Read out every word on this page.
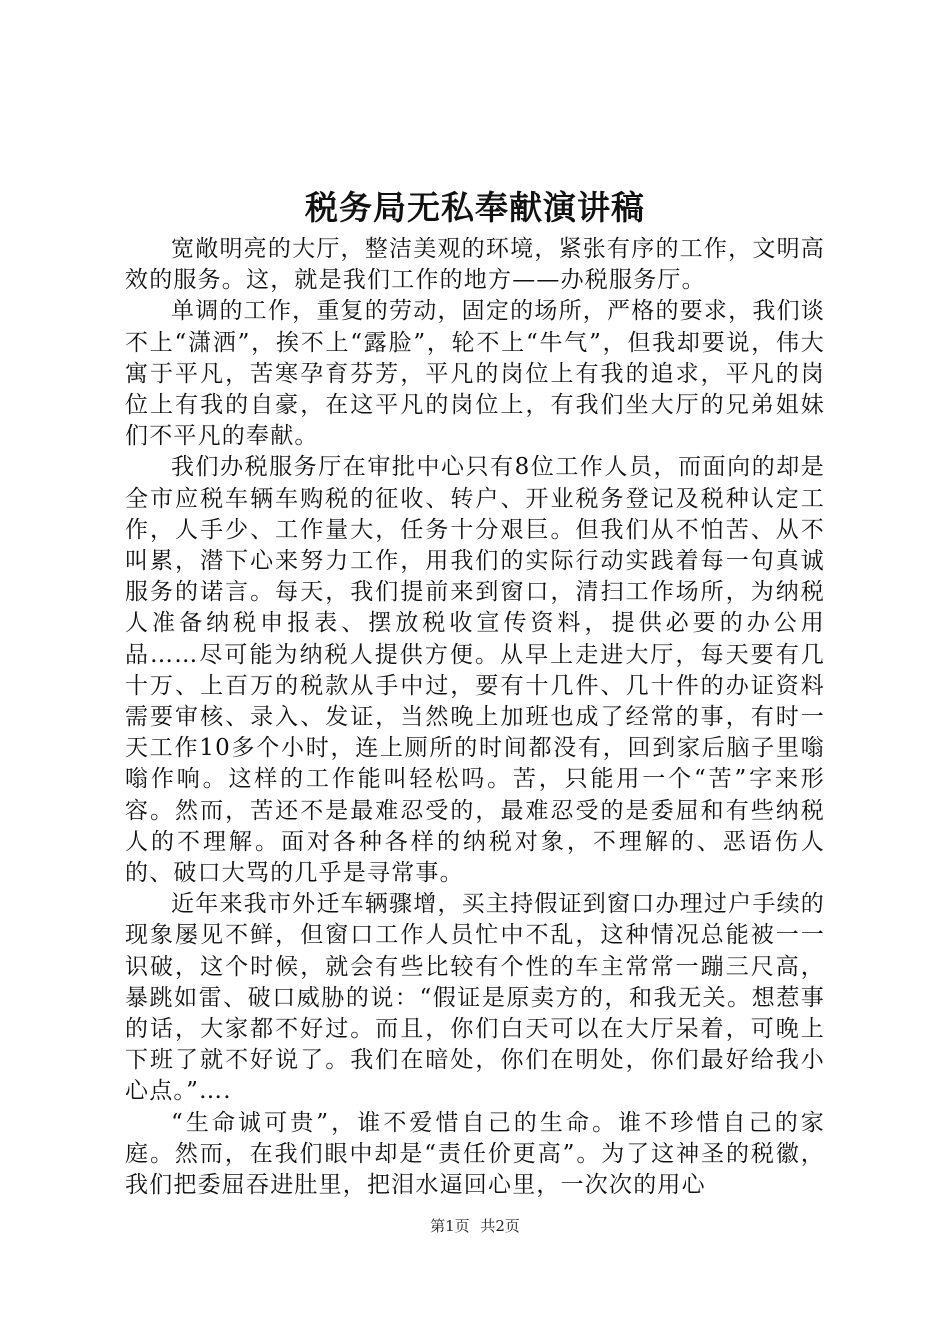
税务局无私奉献演讲稿

宽敞明亮的大厅，整洁美观的环境，紧张有序的工作，文明高效的服务。这，就是我们工作的地方——办税服务厅。

单调的工作，重复的劳动，固定的场所，严格的要求，我们谈不上“潇洒”，挨不上“露脸”，轮不上“牛气”，但我却要说，伟大寓于平凡，苦寒孕育芬芳，平凡的岗位上有我的追求，平凡的岗位上有我的自豪，在这平凡的岗位上，有我们坐大厅的兄弟姐妹们不平凡的奉献。

我们办税服务厅在审批中心只有8位工作人员，而面向的却是全市应税车辆车购税的征收、转户、开业税务登记及税种认定工作，人手少、工作量大，任务十分艰巨。但我们从不怕苦、从不叫累，潜下心来努力工作，用我们的实际行动实践着每一句真诚服务的诺言。每天，我们提前来到窗口，清扫工作场所，为纳税人准备纳税申报表、摆放税收宣传资料，提供必要的办公用品……尽可能为纳税人提供方便。从早上走进大厅，每天要有几十万、上百万的税款从手中过，要有十几件、几十件的办证资料需要审核、录入、发证，当然晚上加班也成了经常的事，有时一天工作10多个小时，连上厕所的时间都没有，回到家后脑子里嗡嗡作响。这样的工作能叫轻松吗。苦，只能用一个“苦”字来形容。然而，苦还不是最难忍受的，最难忍受的是委屈和有些纳税人的不理解。面对各种各样的纳税对象，不理解的、恶语伤人的、破口大骂的几乎是寻常事。

近年来我市外迁车辆骤增，买主持假证到窗口办理过户手续的现象屡见不鲜，但窗口工作人员忙中不乱，这种情况总能被一一识破，这个时候，就会有些比较有个性的车主常常一蹦三尺高，暴跳如雷、破口威胁的说：“假证是原卖方的，和我无关。想惹事的话，大家都不好过。而且，你们白天可以在大厅呆着，可晚上下班了就不好说了。我们在暗处，你们在明处，你们最好给我小心点。”….

“生命诚可贵”，谁不爱惜自己的生命。谁不珍惜自己的家庭。然而，在我们眼中却是“责任价更高”。为了这神圣的税徽，我们把委屈吞进肚里，把泪水逼回心里，一次次的用心

第1页 共2页
